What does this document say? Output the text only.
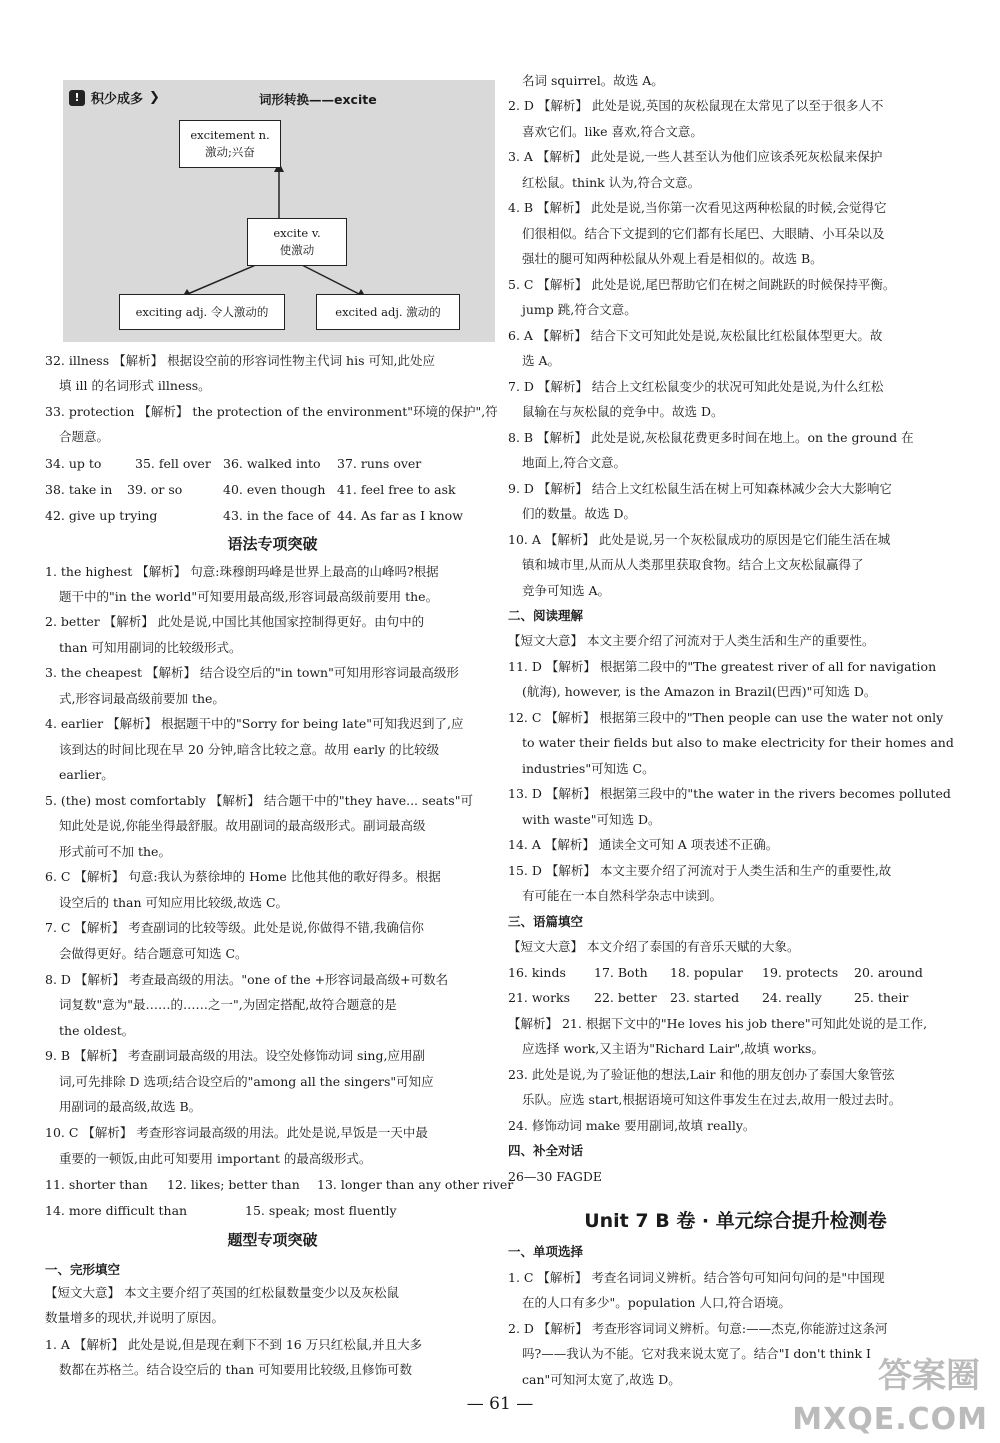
! 积少成多 ❯	词形转换——excite
excitement n.
激动;兴奋
excite v.
使激动
exciting adj. 令人激动的	excited adj. 激动的
32. illness 【解析】 根据设空前的形容词性物主代词 his 可知,此处应
填 ill 的名词形式 illness。
33. protection 【解析】 the protection of the environment"环境的保护",符
合题意。
34. up to	35. fell over 36. walked into 37. runs over
38. take in 39. or so	40. even though 41. feel free to ask
42. give up trying	43. in the face of 44. As far as I know
语法专项突破
1. the highest 【解析】 句意:珠穆朗玛峰是世界上最高的山峰吗?根据
题干中的"in the world"可知要用最高级,形容词最高级前要用 the。
2. better 【解析】 此处是说,中国比其他国家控制得更好。由句中的
than 可知用副词的比较级形式。
3. the cheapest 【解析】 结合设空后的"in town"可知用形容词最高级形
式,形容词最高级前要加 the。
4. earlier 【解析】 根据题干中的"Sorry for being late"可知我迟到了,应
该到达的时间比现在早 20 分钟,暗含比较之意。故用 early 的比较级
earlier。
5. (the) most comfortably 【解析】 结合题干中的"they have... seats"可
知此处是说,你能坐得最舒服。故用副词的最高级形式。副词最高级
形式前可不加 the。
6. C 【解析】 句意:我认为蔡徐坤的 Home 比他其他的歌好得多。根据
设空后的 than 可知应用比较级,故选 C。
7. C 【解析】 考查副词的比较等级。此处是说,你做得不错,我确信你
会做得更好。结合题意可知选 C。
8. D 【解析】 考查最高级的用法。"one of the +形容词最高级+可数名
词复数"意为"最……的……之一",为固定搭配,故符合题意的是
the oldest。
9. B 【解析】 考查副词最高级的用法。设空处修饰动词 sing,应用副
词,可先排除 D 选项;结合设空后的"among all the singers"可知应
用副词的最高级,故选 B。
10. C 【解析】 考查形容词最高级的用法。此处是说,早饭是一天中最
重要的一顿饭,由此可知要用 important 的最高级形式。
11. shorter than 12. likes; better than 13. longer than any other river
14. more difficult than	15. speak; most fluently
题型专项突破
一、完形填空
【短文大意】 本文主要介绍了英国的红松鼠数量变少以及灰松鼠
数量增多的现状,并说明了原因。
1. A 【解析】 此处是说,但是现在剩下不到 16 万只红松鼠,并且大多
数都在苏格兰。结合设空后的 than 可知要用比较级,且修饰可数
名词 squirrel。故选 A。
2. D 【解析】 此处是说,英国的灰松鼠现在太常见了以至于很多人不
喜欢它们。like 喜欢,符合文意。
3. A 【解析】 此处是说,一些人甚至认为他们应该杀死灰松鼠来保护
红松鼠。think 认为,符合文意。
4. B 【解析】 此处是说,当你第一次看见这两种松鼠的时候,会觉得它
们很相似。结合下文提到的它们都有长尾巴、大眼睛、小耳朵以及
强壮的腿可知两种松鼠从外观上看是相似的。故选 B。
5. C 【解析】 此处是说,尾巴帮助它们在树之间跳跃的时候保持平衡。
jump 跳,符合文意。
6. A 【解析】 结合下文可知此处是说,灰松鼠比红松鼠体型更大。故
选 A。
7. D 【解析】 结合上文红松鼠变少的状况可知此处是说,为什么红松
鼠输在与灰松鼠的竞争中。故选 D。
8. B 【解析】 此处是说,灰松鼠花费更多时间在地上。on the ground 在
地面上,符合文意。
9. D 【解析】 结合上文红松鼠生活在树上可知森林减少会大大影响它
们的数量。故选 D。
10. A 【解析】 此处是说,另一个灰松鼠成功的原因是它们能生活在城
镇和城市里,从而从人类那里获取食物。结合上文灰松鼠赢得了
竞争可知选 A。
二、阅读理解
【短文大意】 本文主要介绍了河流对于人类生活和生产的重要性。
11. D 【解析】 根据第二段中的"The greatest river of all for navigation
(航海), however, is the Amazon in Brazil(巴西)"可知选 D。
12. C 【解析】 根据第三段中的"Then people can use the water not only
to water their fields but also to make electricity for their homes and
industries"可知选 C。
13. D 【解析】 根据第三段中的"the water in the rivers becomes polluted
with waste"可知选 D。
14. A 【解析】 通读全文可知 A 项表述不正确。
15. D 【解析】 本文主要介绍了河流对于人类生活和生产的重要性,故
有可能在一本自然科学杂志中读到。
三、语篇填空
【短文大意】 本文介绍了泰国的有音乐天赋的大象。
16. kinds 17. Both 18. popular 19. protects 20. around
21. works 22. better 23. started 24. really	25. their
【解析】 21. 根据下文中的"He loves his job there"可知此处说的是工作,
应选择 work,又主语为"Richard Lair",故填 works。
23. 此处是说,为了验证他的想法,Lair 和他的朋友创办了泰国大象管弦
乐队。应选 start,根据语境可知这件事发生在过去,故用一般过去时。
24. 修饰动词 make 要用副词,故填 really。
四、补全对话
26—30 FAGDE
Unit 7 B 卷 · 单元综合提升检测卷
一、单项选择
1. C 【解析】 考查名词词义辨析。结合答句可知问句问的是"中国现
在的人口有多少"。population 人口,符合语境。
2. D 【解析】 考查形容词词义辨析。句意:——杰克,你能游过这条河
吗?——我认为不能。它对我来说太宽了。结合"I don't think I
can"可知河太宽了,故选 D。
— 61 —
答案圈
MXQE.COM
